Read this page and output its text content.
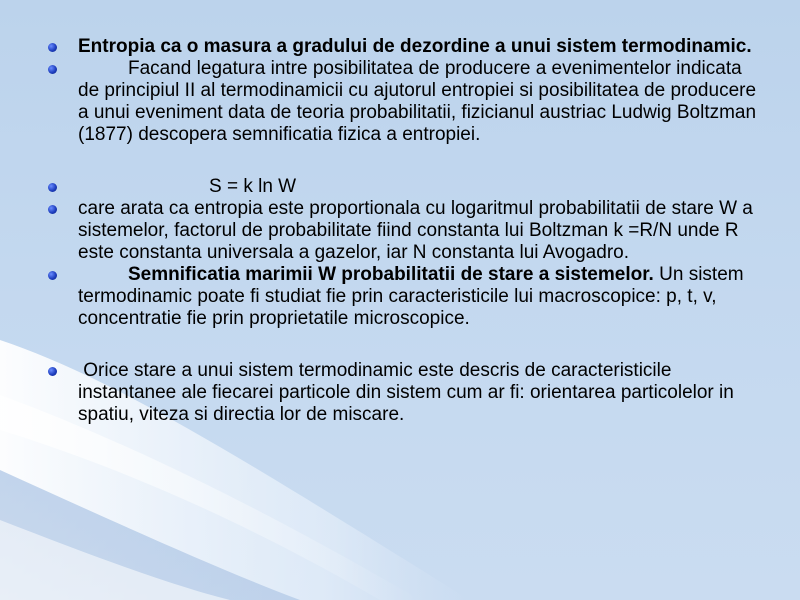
Entropia ca o masura a gradului de dezordine a unui sistem termodinamic.

Facand legatura intre posibilitatea de producere a evenimentelor indicata de principiul II al termodinamicii cu ajutorul entropiei si posibilitatea de producere a unui eveniment data de teoria probabilitatii, fizicianul austriac Ludwig Boltzman (1877) descopera semnificatia fizica a entropiei.

S = k ln W

care arata ca entropia este proportionala cu logaritmul probabilitatii de stare W a sistemelor, factorul de probabilitate fiind constanta lui Boltzman k =R/N unde R este constanta universala a gazelor, iar N constanta lui Avogadro.

Semnificatia marimii W probabilitatii de stare a sistemelor. Un sistem termodinamic poate fi studiat fie prin caracteristicile lui macroscopice: p, t, v, concentratie fie prin proprietatile microscopice.

Orice stare a unui sistem termodinamic este descris de caracteristicile instantanee ale fiecarei particole din sistem cum ar fi: orientarea particolelor in spatiu, viteza si directia lor de miscare.
